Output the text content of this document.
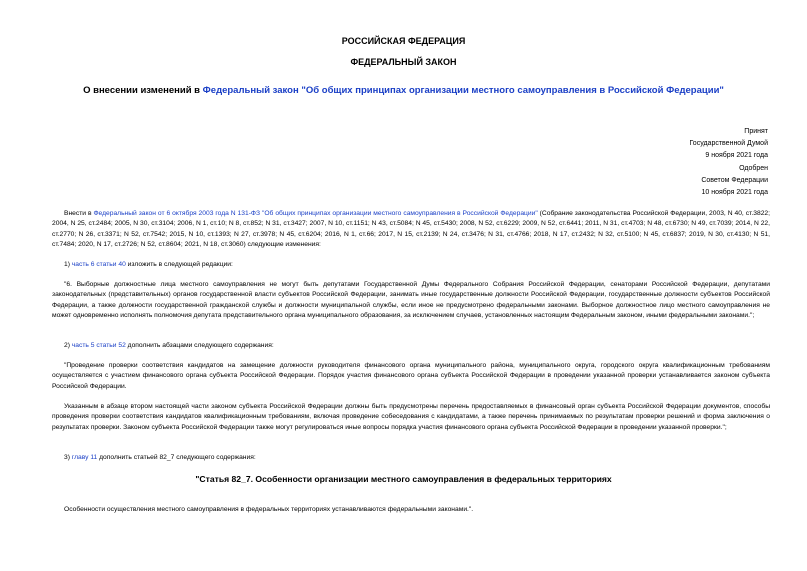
РОССИЙСКАЯ ФЕДЕРАЦИЯ
ФЕДЕРАЛЬНЫЙ ЗАКОН
О внесении изменений в Федеральный закон "Об общих принципах организации местного самоуправления в Российской Федерации"
Принят
Государственной Думой
9 ноября 2021 года
Одобрен
Советом Федерации
10 ноября 2021 года
Внести в Федеральный закон от 6 октября 2003 года N 131-ФЗ "Об общих принципах организации местного самоуправления в Российской Федерации" (Собрание законодательства Российской Федерации, 2003, N 40, ст.3822; 2004, N 25, ст.2484; 2005, N 30, ст.3104; 2006, N 1, ст.10; N 8, ст.852; N 31, ст.3427; 2007, N 10, ст.1151; N 43, ст.5084; N 45, ст.5430; 2008, N 52, ст.6229; 2009, N 52, ст.6441; 2011, N 31, ст.4703; N 48, ст.6730; N 49, ст.7039; 2014, N 22, ст.2770; N 26, ст.3371; N 52, ст.7542; 2015, N 10, ст.1393; N 27, ст.3978; N 45, ст.6204; 2016, N 1, ст.66; 2017, N 15, ст.2139; N 24, ст.3476; N 31, ст.4766; 2018, N 17, ст.2432; N 32, ст.5100; N 45, ст.6837; 2019, N 30, ст.4130; N 51, ст.7484; 2020, N 17, ст.2726; N 52, ст.8604; 2021, N 18, ст.3060) следующие изменения:
1) часть 6 статьи 40 изложить в следующей редакции:
"6. Выборные должностные лица местного самоуправления не могут быть депутатами Государственной Думы Федерального Собрания Российской Федерации, сенаторами Российской Федерации, депутатами законодательных (представительных) органов государственной власти субъектов Российской Федерации, занимать иные государственные должности Российской Федерации, государственные должности субъектов Российской Федерации, а также должности государственной гражданской службы и должности муниципальной службы, если иное не предусмотрено федеральными законами. Выборное должностное лицо местного самоуправления не может одновременно исполнять полномочия депутата представительного органа муниципального образования, за исключением случаев, установленных настоящим Федеральным законом, иными федеральными законами.";
2) часть 5 статьи 52 дополнить абзацами следующего содержания:
"Проведение проверки соответствия кандидатов на замещение должности руководителя финансового органа муниципального района, муниципального округа, городского округа квалификационным требованиям осуществляется с участием финансового органа субъекта Российской Федерации. Порядок участия финансового органа субъекта Российской Федерации в проведении указанной проверки устанавливается законом субъекта Российской Федерации.
Указанным в абзаце втором настоящей части законом субъекта Российской Федерации должны быть предусмотрены перечень предоставляемых в финансовый орган субъекта Российской Федерации документов, способы проведения проверки соответствия кандидатов квалификационным требованиям, включая проведение собеседования с кандидатами, а также перечень принимаемых по результатам проверки решений и форма заключения о результатах проверки. Законом субъекта Российской Федерации также могут регулироваться иные вопросы порядка участия финансового органа субъекта Российской Федерации в проведении указанной проверки.";
3) главу 11 дополнить статьей 82_7 следующего содержания:
"Статья 82_7. Особенности организации местного самоуправления в федеральных территориях
Особенности осуществления местного самоуправления в федеральных территориях устанавливаются федеральными законами.".
